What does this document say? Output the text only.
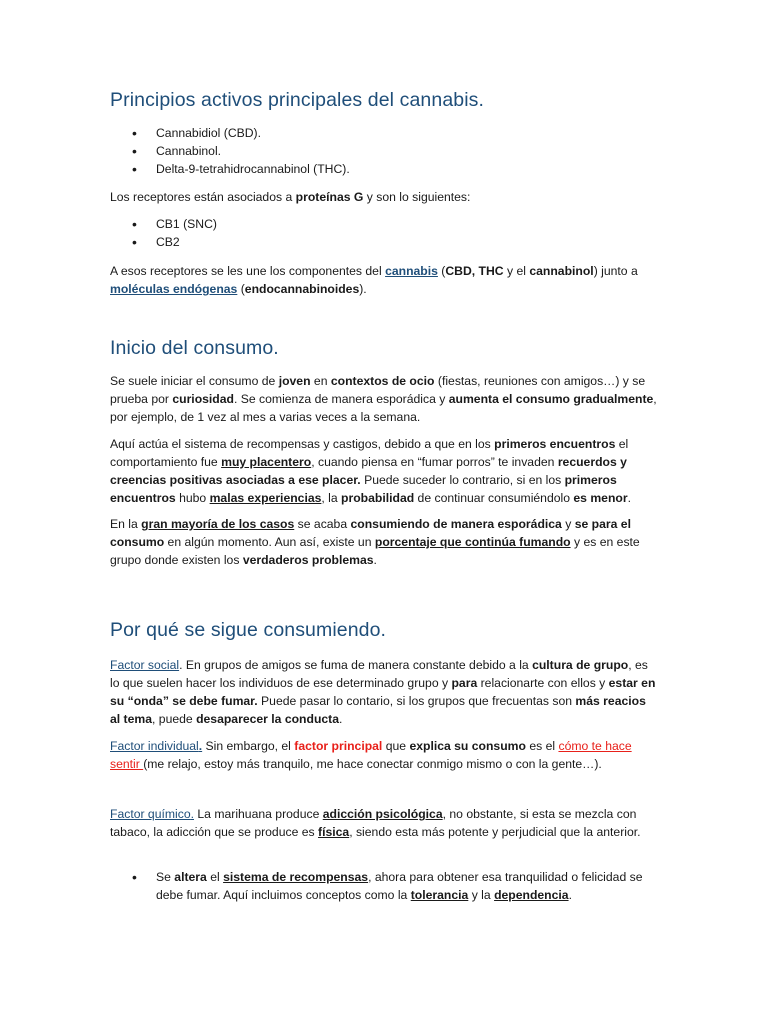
Principios activos principales del cannabis.
• Cannabidiol (CBD).
• Cannabinol.
• Delta-9-tetrahidrocannabinol (THC).

Los receptores están asociados a proteínas G y son lo siguientes:

• CB1 (SNC)
• CB2

A esos receptores se les une los componentes del cannabis (CBD, THC y el cannabinol) junto a
moléculas endógenas (endocannabinoides).

Inicio del consumo.

Se suele iniciar el consumo de joven en contextos de ocio (fiestas, reuniones con amigos…) y se prueba por curiosidad. Se comienza de manera esporádica y aumenta el consumo gradualmente, por ejemplo, de 1 vez al mes a varias veces a la semana.

Aquí actúa el sistema de recompensas y castigos, debido a que en los primeros encuentros el comportamiento fue muy placentero, cuando piensa en “fumar porros” te invaden recuerdos y creencias positivas asociadas a ese placer. Puede suceder lo contrario, si en los primeros encuentros hubo malas experiencias, la probabilidad de continuar consumiéndolo es menor.

En la gran mayoría de los casos se acaba consumiendo de manera esporádica y se para el consumo en algún momento. Aun así, existe un porcentaje que continúa fumando y es en este grupo donde existen los verdaderos problemas.

Por qué se sigue consumiendo.

Factor social. En grupos de amigos se fuma de manera constante debido a la cultura de grupo, es lo que suelen hacer los individuos de ese determinado grupo y para relacionarte con ellos y estar en su “onda” se debe fumar. Puede pasar lo contario, si los grupos que frecuentas son más reacios al tema, puede desaparecer la conducta.

Factor individual. Sin embargo, el factor principal que explica su consumo es el cómo te hace sentir (me relajo, estoy más tranquilo, me hace conectar conmigo mismo o con la gente…).

Factor químico. La marihuana produce adicción psicológica, no obstante, si esta se mezcla con tabaco, la adicción que se produce es física, siendo esta más potente y perjudicial que la anterior.

• Se altera el sistema de recompensas, ahora para obtener esa tranquilidad o felicidad se debe fumar. Aquí incluimos conceptos como la tolerancia y la dependencia.
